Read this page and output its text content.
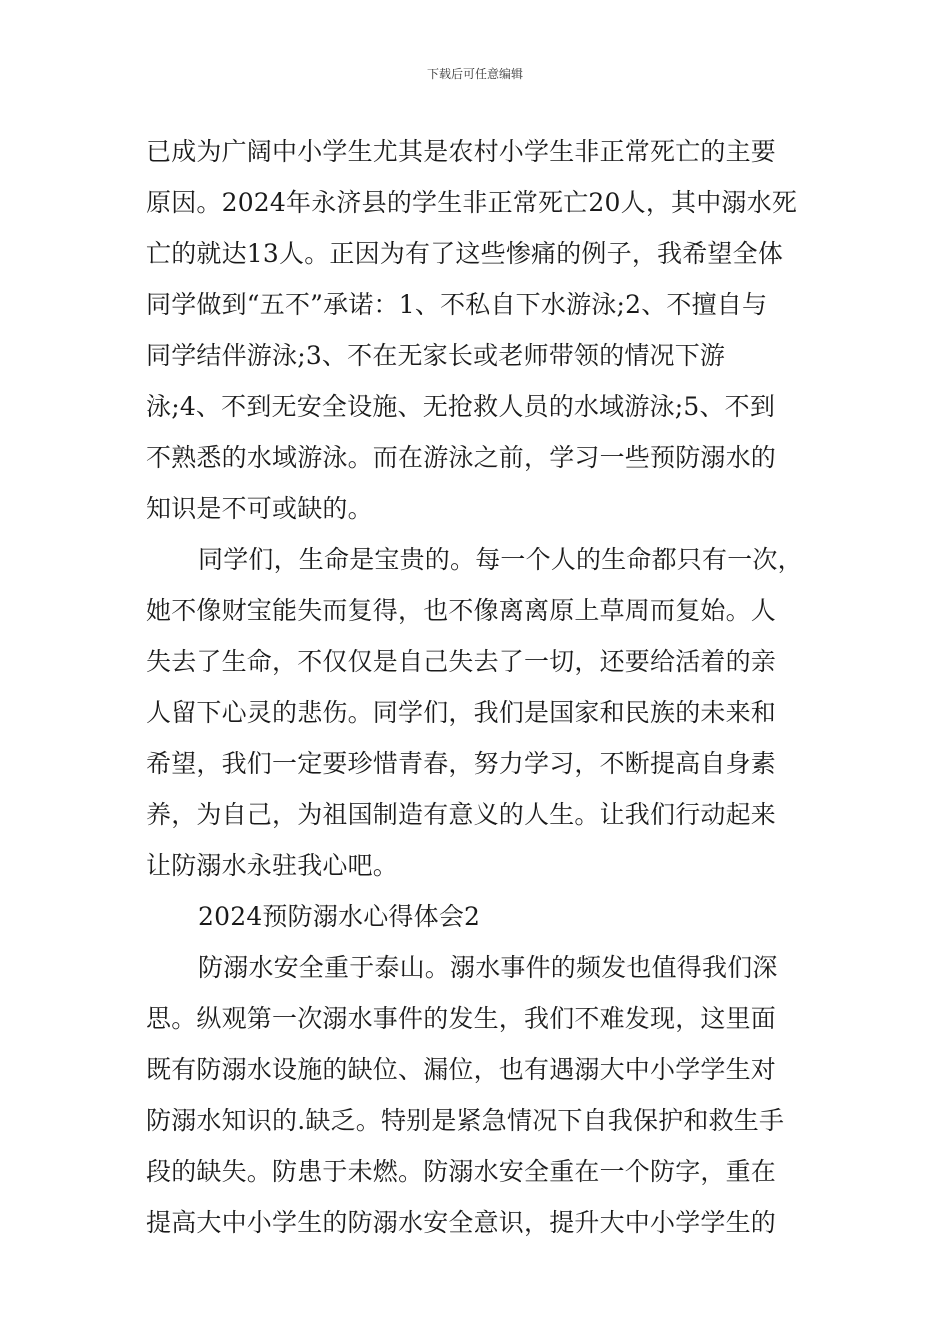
下载后可任意编辑
已成为广阔中小学生尤其是农村小学生非正常死亡的主要
原因。2024年永济县的学生非正常死亡20人，其中溺水死
亡的就达13人。正因为有了这些惨痛的例子，我希望全体
同学做到“五不”承诺：1、不私自下水游泳;2、不擅自与
同学结伴游泳;3、不在无家长或老师带领的情况下游
泳;4、不到无安全设施、无抢救人员的水域游泳;5、不到
不熟悉的水域游泳。而在游泳之前，学习一些预防溺水的
知识是不可或缺的。
同学们，生命是宝贵的。每一个人的生命都只有一次，
她不像财宝能失而复得，也不像离离原上草周而复始。人
失去了生命，不仅仅是自己失去了一切，还要给活着的亲
人留下心灵的悲伤。同学们，我们是国家和民族的未来和
希望，我们一定要珍惜青春，努力学习，不断提高自身素
养，为自己，为祖国制造有意义的人生。让我们行动起来
让防溺水永驻我心吧。
2024预防溺水心得体会2
防溺水安全重于泰山。溺水事件的频发也值得我们深
思。纵观第一次溺水事件的发生，我们不难发现，这里面
既有防溺水设施的缺位、漏位，也有遇溺大中小学学生对
防溺水知识的.缺乏。特别是紧急情况下自我保护和救生手
段的缺失。防患于未燃。防溺水安全重在一个防字，重在
提高大中小学生的防溺水安全意识，提升大中小学学生的
